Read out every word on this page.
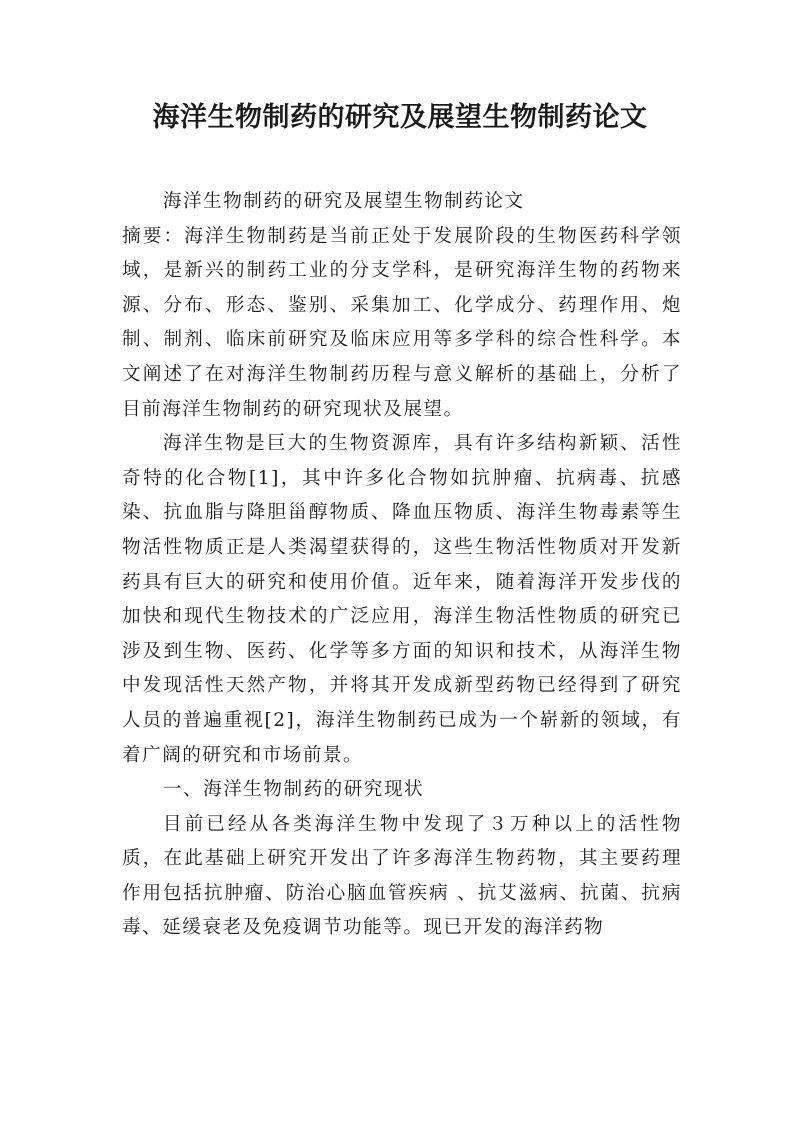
海洋生物制药的研究及展望生物制药论文

海洋生物制药的研究及展望生物制药论文

摘要：海洋生物制药是当前正处于发展阶段的生物医药科学领域，是新兴的制药工业的分支学科，是研究海洋生物的药物来源、分布、形态、鉴别、采集加工、化学成分、药理作用、炮制、制剂、临床前研究及临床应用等多学科的综合性科学。本文阐述了在对海洋生物制药历程与意义解析的基础上，分析了目前海洋生物制药的研究现状及展望。

海洋生物是巨大的生物资源库，具有许多结构新颖、活性奇特的化合物[1]，其中许多化合物如抗肿瘤、抗病毒、抗感染、抗血脂与降胆甾醇物质、降血压物质、海洋生物毒素等生物活性物质正是人类渴望获得的，这些生物活性物质对开发新药具有巨大的研究和使用价值。近年来，随着海洋开发步伐的加快和现代生物技术的广泛应用，海洋生物活性物质的研究已涉及到生物、医药、化学等多方面的知识和技术，从海洋生物中发现活性天然产物，并将其开发成新型药物已经得到了研究人员的普遍重视[2]，海洋生物制药已成为一个崭新的领域，有着广阔的研究和市场前景。

一、海洋生物制药的研究现状

目前已经从各类海洋生物中发现了３万种以上的活性物质，在此基础上研究开发出了许多海洋生物药物，其主要药理作用包括抗肿瘤、防治心脑血管疾病 、抗艾滋病、抗菌、抗病毒、延缓衰老及免疫调节功能等。现已开发的海洋药物
